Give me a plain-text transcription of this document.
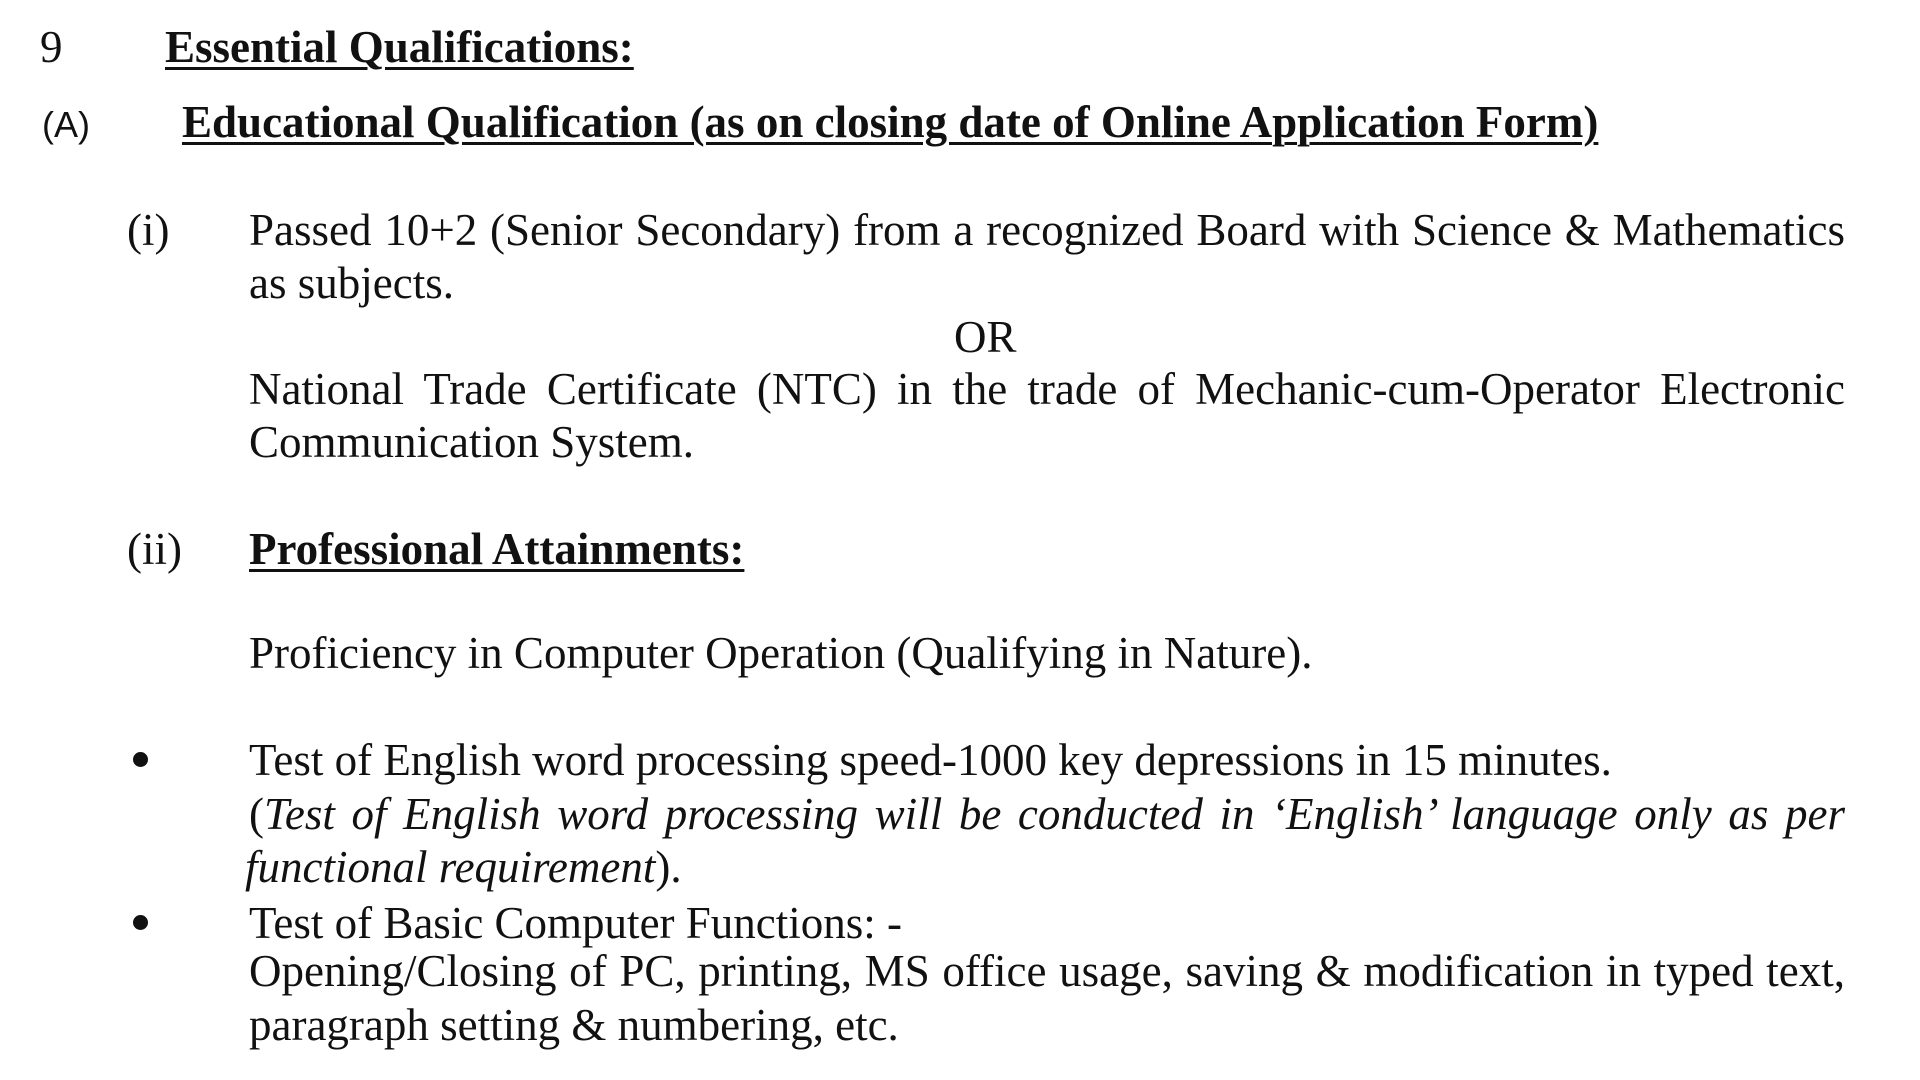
9 Essential Qualifications:
(A) Educational Qualification (as on closing date of Online Application Form)
(i) Passed 10+2 (Senior Secondary) from a recognized Board with Science & Mathematics
as subjects.
OR
National Trade Certificate (NTC) in the trade of Mechanic-cum-Operator Electronic
Communication System.
(ii) Professional Attainments:
Proficiency in Computer Operation (Qualifying in Nature).
Test of English word processing speed-1000 key depressions in 15 minutes.
(Test of English word processing will be conducted in ‘English’ language only as per
functional requirement).
Test of Basic Computer Functions: -
Opening/Closing of PC, printing, MS office usage, saving & modification in typed text,
paragraph setting & numbering, etc.
